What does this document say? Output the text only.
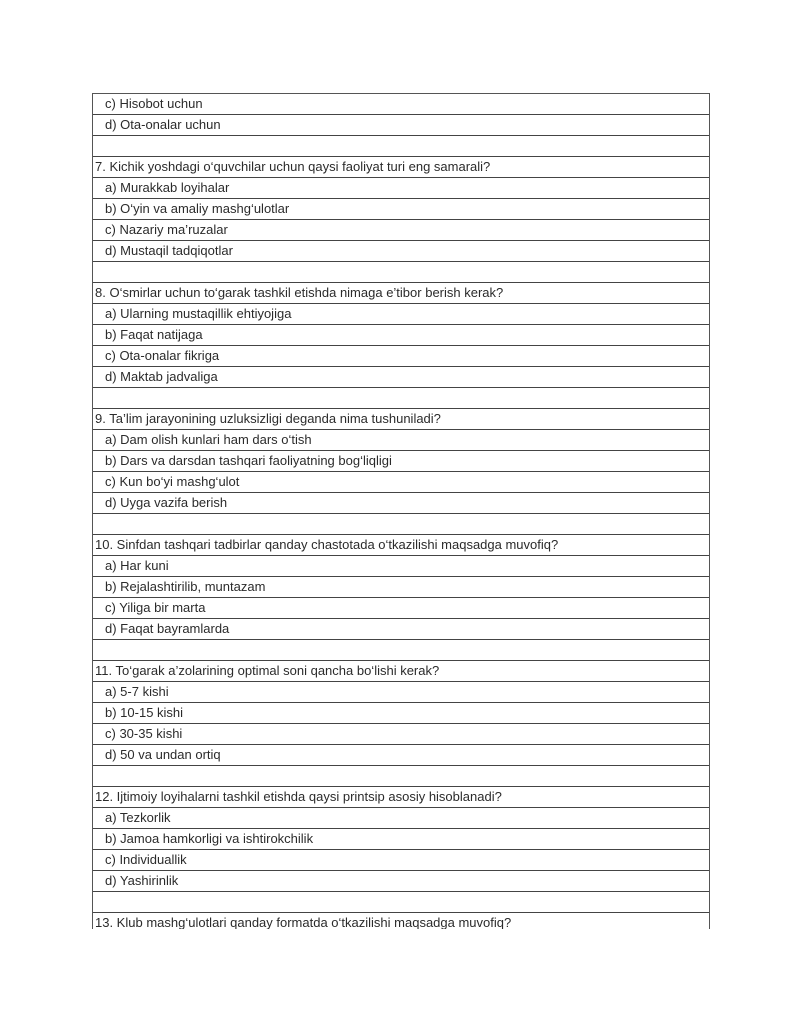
c) Hisobot uchun
d) Ota-onalar uchun
7. Kichik yoshdagi o‘quvchilar uchun qaysi faoliyat turi eng samarali?
a) Murakkab loyihalar
b) O‘yin va amaliy mashg‘ulotlar
c) Nazariy ma’ruzalar
d) Mustaqil tadqiqotlar
8. O‘smirlar uchun to‘garak tashkil etishda nimaga e’tibor berish kerak?
a) Ularning mustaqillik ehtiyojiga
b) Faqat natijaga
c) Ota-onalar fikriga
d) Maktab jadvaliga
9. Ta’lim jarayonining uzluksizligi deganda nima tushuniladi?
a) Dam olish kunlari ham dars o‘tish
b) Dars va darsdan tashqari faoliyatning bog‘liqligi
c) Kun bo‘yi mashg‘ulot
d) Uyga vazifa berish
10. Sinfdan tashqari tadbirlar qanday chastotada o‘tkazilishi maqsadga muvofiq?
a) Har kuni
b) Rejalashtirilib, muntazam
c) Yiliga bir marta
d) Faqat bayramlarda
11. To‘garak a’zolarining optimal soni qancha bo‘lishi kerak?
a) 5-7 kishi
b) 10-15 kishi
c) 30-35 kishi
d) 50 va undan ortiq
12. Ijtimoiy loyihalarni tashkil etishda qaysi printsip asosiy hisoblanadi?
a) Tezkorlik
b) Jamoa hamkorligi va ishtirokchilik
c) Individuallik
d) Yashirinlik
13. Klub mashg‘ulotlari qanday formatda o‘tkazilishi maqsadga muvofiq?
